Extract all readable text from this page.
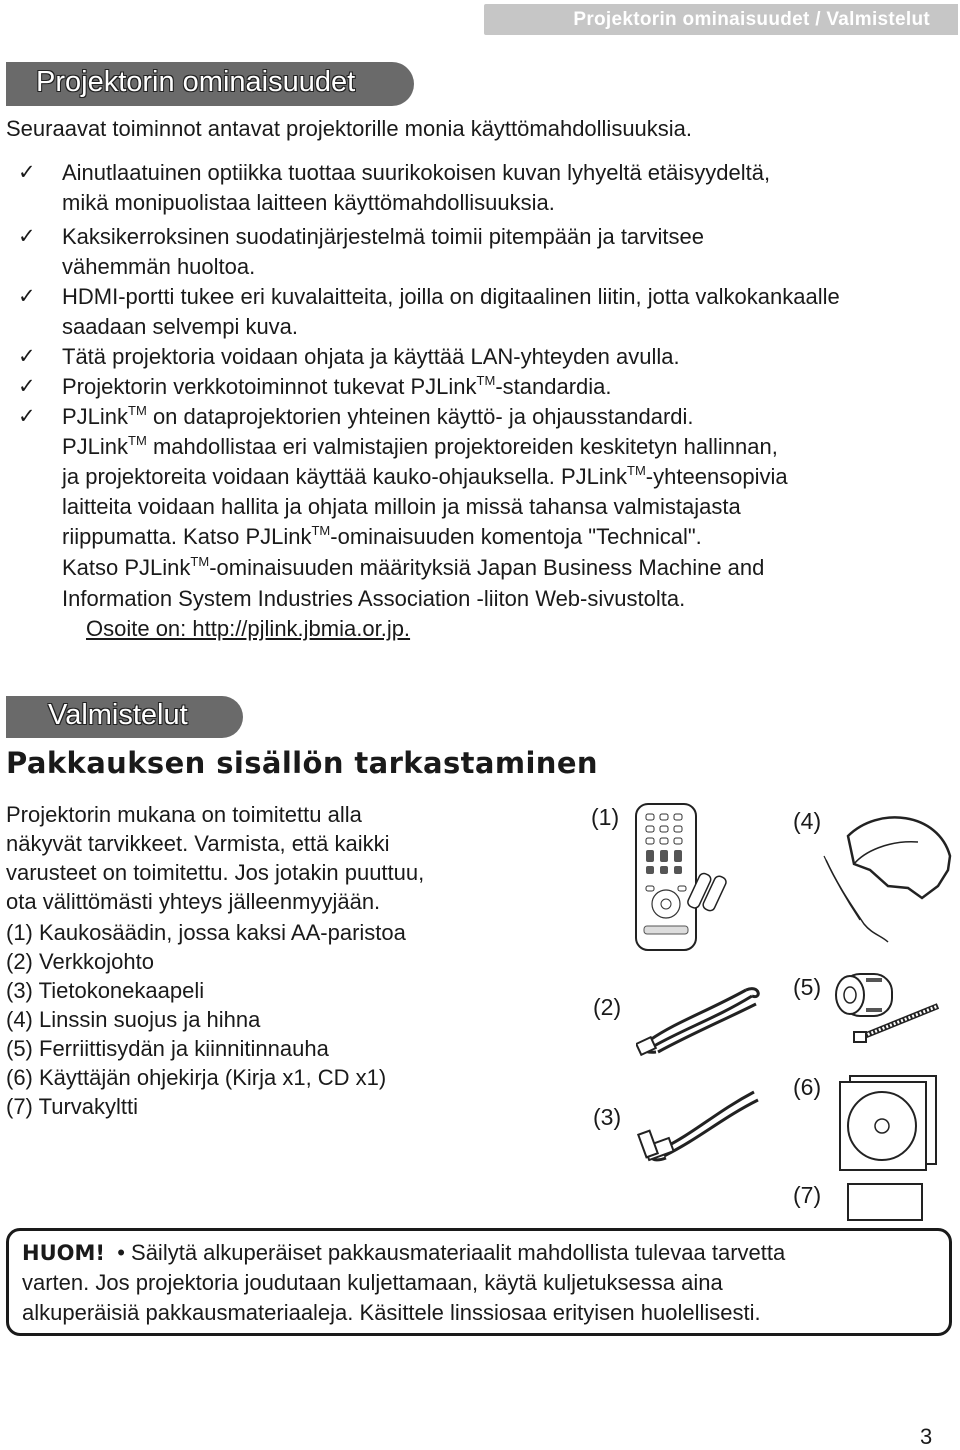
Projektorin ominaisuudet / Valmistelut
Projektorin ominaisuudet
Seuraavat toiminnot antavat projektorille monia käyttömahdollisuuksia.
Ainutlaatuinen optiikka tuottaa suurikokoisen kuvan lyhyeltä etäisyydeltä,
mikä monipuolistaa laitteen käyttömahdollisuuksia.
Kaksikerroksinen suodatinjärjestelmä toimii pitempään ja tarvitsee
vähemmän huoltoa.
HDMI-portti tukee eri kuvalaitteita, joilla on digitaalinen liitin, jotta valkokankaalle
saadaan selvempi kuva.
Tätä projektoria voidaan ohjata ja käyttää LAN-yhteyden avulla.
✓
✓
✓
✓
✓
✓
Projektorin verkkotoiminnot tukevat PJLink™-standardia.
PJLink™ on dataprojektorien yhteinen käyttö- ja ohjausstandardi.
PJLink™ mahdollistaa eri valmistajien projektoreiden keskitetyn hallinnan,
ja projektoreita voidaan käyttää kauko-ohjauksella. PJLink™-yhteensopivia
laitteita voidaan hallita ja ohjata milloin ja missä tahansa valmistajasta
riippumatta. Katso PJLink™-ominaisuuden komentoja "Technical".
Katso PJLink™-ominaisuuden määrityksiä Japan Business Machine and
Information System Industries Association -liiton Web-sivustolta.
Osoite on: http://pjlink.jbmia.or.jp.
Valmistelut
Pakkauksen sisällön tarkastaminen
Projektorin mukana on toimitettu alla
näkyvät tarvikkeet. Varmista, että kaikki
varusteet on toimitettu. Jos jotakin puuttuu,
ota välittömästi yhteys jälleenmyyjään.
(1) Kaukosäädin, jossa kaksi AA-paristoa
(2) Verkkojohto
(3) Tietokonekaapeli
(4) Linssin suojus ja hihna
(5) Ferriittisydän ja kiinnitinnauha
(6) Käyttäjän ohjekirja (Kirja x1, CD x1)
(7) Turvakyltti
(1)
(2)
(3)
(4)
(5)
(6)
(7)
HUOM! • Säilytä alkuperäiset pakkausmateriaalit mahdollista tulevaa tarvetta
varten. Jos projektoria joudutaan kuljettamaan, käytä kuljetuksessa aina
alkuperäisiä pakkausmateriaaleja. Käsittele linssiosaa erityisen huolellisesti.
3
